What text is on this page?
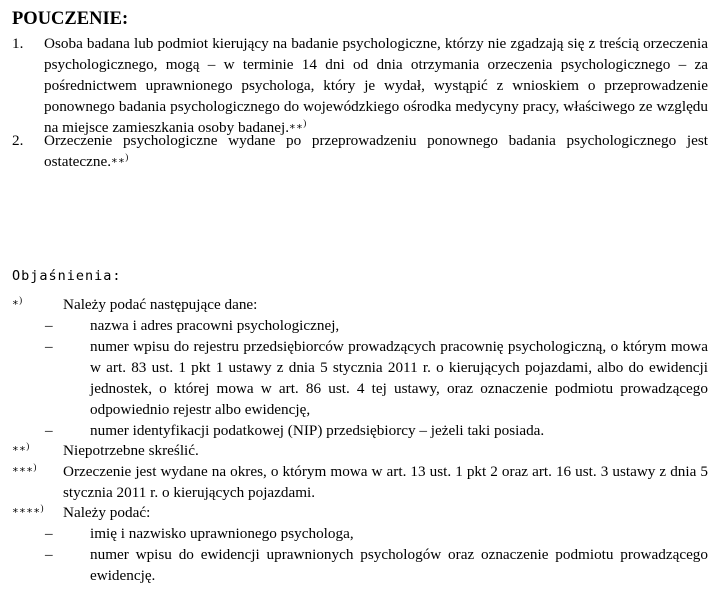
POUCZENIE:
1. Osoba badana lub podmiot kierujący na badanie psychologiczne, którzy nie zgadzają się z treścią orzeczenia psychologicznego, mogą – w terminie 14 dni od dnia otrzymania orzeczenia psychologicznego – za pośrednictwem uprawnionego psychologa, który je wydał, wystąpić z wnioskiem o przeprowadzenie ponownego badania psychologicznego do wojewódzkiego ośrodka medycyny pracy, właściwego ze względu na miejsce zamieszkania osoby badanej.**)
2. Orzeczenie psychologiczne wydane po przeprowadzeniu ponownego badania psychologicznego jest ostateczne.**)
Objaśnienia:
*)	Należy podać następujące dane:
– nazwa i adres pracowni psychologicznej,
– numer wpisu do rejestru przedsiębiorców prowadzących pracownię psychologiczną, o którym mowa w art. 83 ust. 1 pkt 1 ustawy z dnia 5 stycznia 2011 r. o kierujących pojazdami, albo do ewidencji jednostek, o której mowa w art. 86 ust. 4 tej ustawy, oraz oznaczenie podmiotu prowadzącego odpowiednio rejestr albo ewidencję,
– numer identyfikacji podatkowej (NIP) przedsiębiorcy – jeżeli taki posiada.
**) Niepotrzebne skreślić.
***) Orzeczenie jest wydane na okres, o którym mowa w art. 13 ust. 1 pkt 2 oraz art. 16 ust. 3 ustawy z dnia 5 stycznia 2011 r. o kierujących pojazdami.
****) Należy podać:
– imię i nazwisko uprawnionego psychologa,
– numer wpisu do ewidencji uprawnionych psychologów oraz oznaczenie podmiotu prowadzącego ewidencję.
